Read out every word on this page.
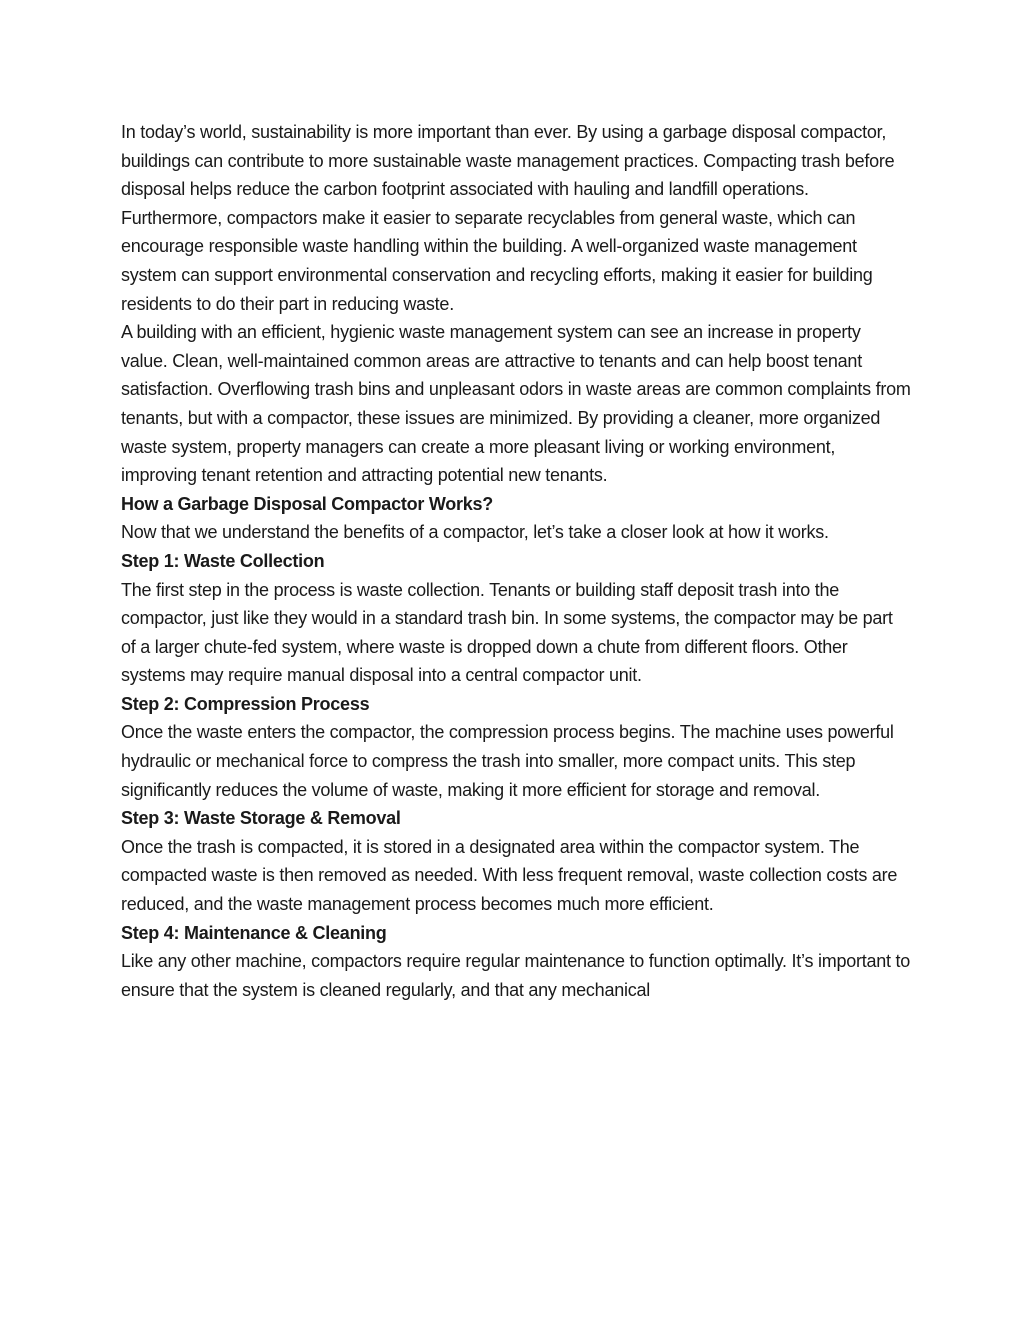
In today’s world, sustainability is more important than ever. By using a garbage disposal compactor, buildings can contribute to more sustainable waste management practices. Compacting trash before disposal helps reduce the carbon footprint associated with hauling and landfill operations. Furthermore, compactors make it easier to separate recyclables from general waste, which can encourage responsible waste handling within the building. A well-organized waste management system can support environmental conservation and recycling efforts, making it easier for building residents to do their part in reducing waste.

A building with an efficient, hygienic waste management system can see an increase in property value. Clean, well-maintained common areas are attractive to tenants and can help boost tenant satisfaction. Overflowing trash bins and unpleasant odors in waste areas are common complaints from tenants, but with a compactor, these issues are minimized. By providing a cleaner, more organized waste system, property managers can create a more pleasant living or working environment, improving tenant retention and attracting potential new tenants.

How a Garbage Disposal Compactor Works?

Now that we understand the benefits of a compactor, let’s take a closer look at how it works.

Step 1: Waste Collection

The first step in the process is waste collection. Tenants or building staff deposit trash into the compactor, just like they would in a standard trash bin. In some systems, the compactor may be part of a larger chute-fed system, where waste is dropped down a chute from different floors. Other systems may require manual disposal into a central compactor unit.

Step 2: Compression Process

Once the waste enters the compactor, the compression process begins. The machine uses powerful hydraulic or mechanical force to compress the trash into smaller, more compact units. This step significantly reduces the volume of waste, making it more efficient for storage and removal.

Step 3: Waste Storage & Removal

Once the trash is compacted, it is stored in a designated area within the compactor system. The compacted waste is then removed as needed. With less frequent removal, waste collection costs are reduced, and the waste management process becomes much more efficient.

Step 4: Maintenance & Cleaning

Like any other machine, compactors require regular maintenance to function optimally. It’s important to ensure that the system is cleaned regularly, and that any mechanical
